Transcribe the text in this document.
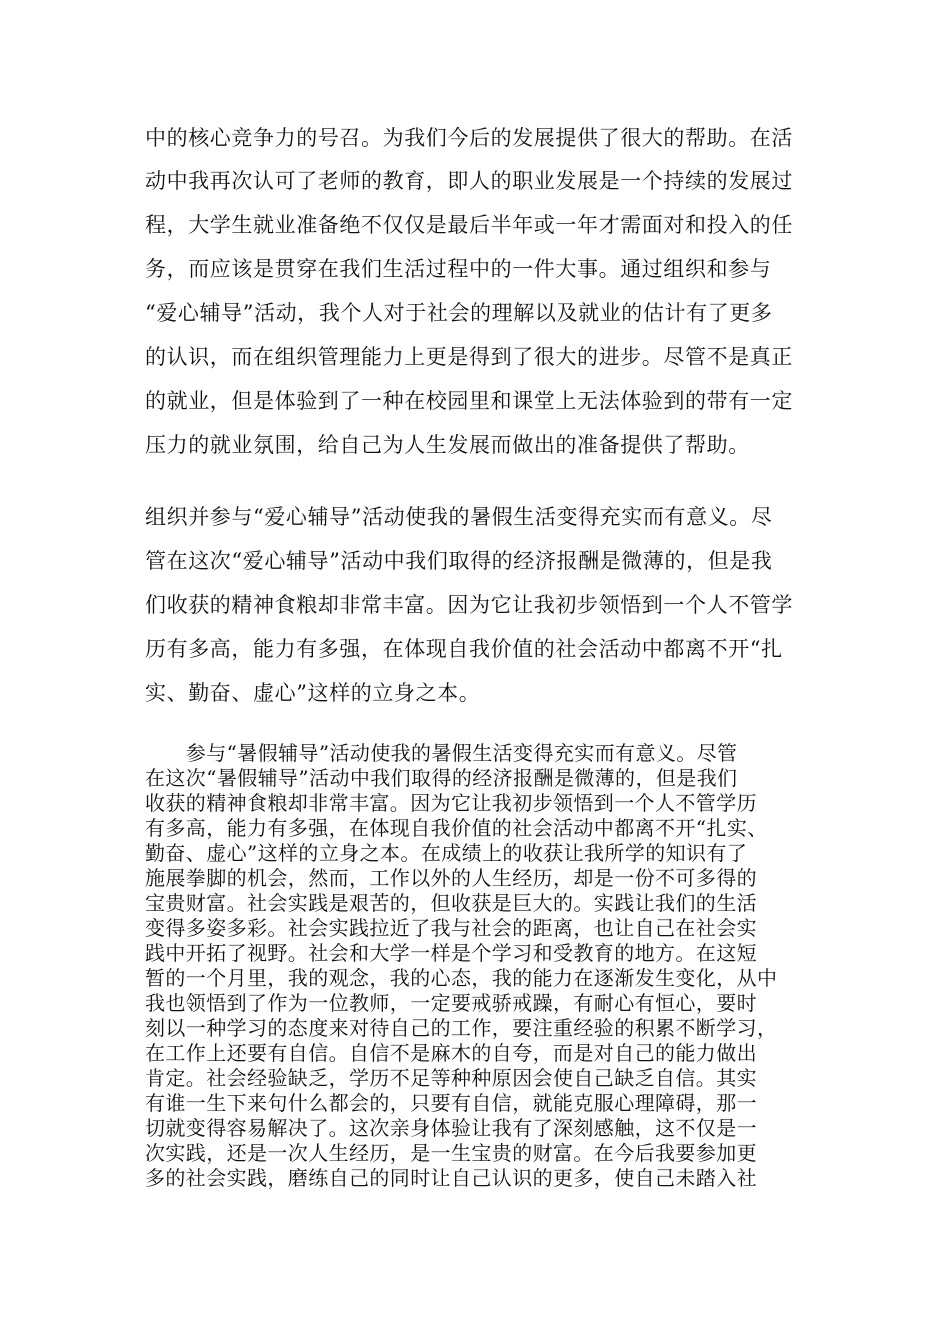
中的核心竞争力的号召。为我们今后的发展提供了很大的帮助。在活
动中我再次认可了老师的教育，即人的职业发展是一个持续的发展过
程，大学生就业准备绝不仅仅是最后半年或一年才需面对和投入的任
务，而应该是贯穿在我们生活过程中的一件大事。通过组织和参与
“爱心辅导”活动，我个人对于社会的理解以及就业的估计有了更多
的认识，而在组织管理能力上更是得到了很大的进步。尽管不是真正
的就业，但是体验到了一种在校园里和课堂上无法体验到的带有一定
压力的就业氛围，给自己为人生发展而做出的准备提供了帮助。
组织并参与“爱心辅导”活动使我的暑假生活变得充实而有意义。尽
管在这次“爱心辅导”活动中我们取得的经济报酬是微薄的，但是我
们收获的精神食粮却非常丰富。因为它让我初步领悟到一个人不管学
历有多高，能力有多强，在体现自我价值的社会活动中都离不开“扎
实、勤奋、虚心”这样的立身之本。
　　参与“暑假辅导”活动使我的暑假生活变得充实而有意义。尽管
在这次“暑假辅导”活动中我们取得的经济报酬是微薄的，但是我们
收获的精神食粮却非常丰富。因为它让我初步领悟到一个人不管学历
有多高，能力有多强，在体现自我价值的社会活动中都离不开“扎实、
勤奋、虚心”这样的立身之本。在成绩上的收获让我所学的知识有了
施展拳脚的机会，然而，工作以外的人生经历，却是一份不可多得的
宝贵财富。社会实践是艰苦的，但收获是巨大的。实践让我们的生活
变得多姿多彩。社会实践拉近了我与社会的距离，也让自己在社会实
践中开拓了视野。社会和大学一样是个学习和受教育的地方。在这短
暂的一个月里，我的观念，我的心态，我的能力在逐渐发生变化，从中
我也领悟到了作为一位教师，一定要戒骄戒躁，有耐心有恒心，要时
刻以一种学习的态度来对待自己的工作，要注重经验的积累不断学习，
在工作上还要有自信。自信不是麻木的自夸，而是对自己的能力做出
肯定。社会经验缺乏，学历不足等种种原因会使自己缺乏自信。其实
有谁一生下来句什么都会的，只要有自信，就能克服心理障碍，那一
切就变得容易解决了。这次亲身体验让我有了深刻感触，这不仅是一
次实践，还是一次人生经历，是一生宝贵的财富。在今后我要参加更
多的社会实践，磨练自己的同时让自己认识的更多，使自己未踏入社
